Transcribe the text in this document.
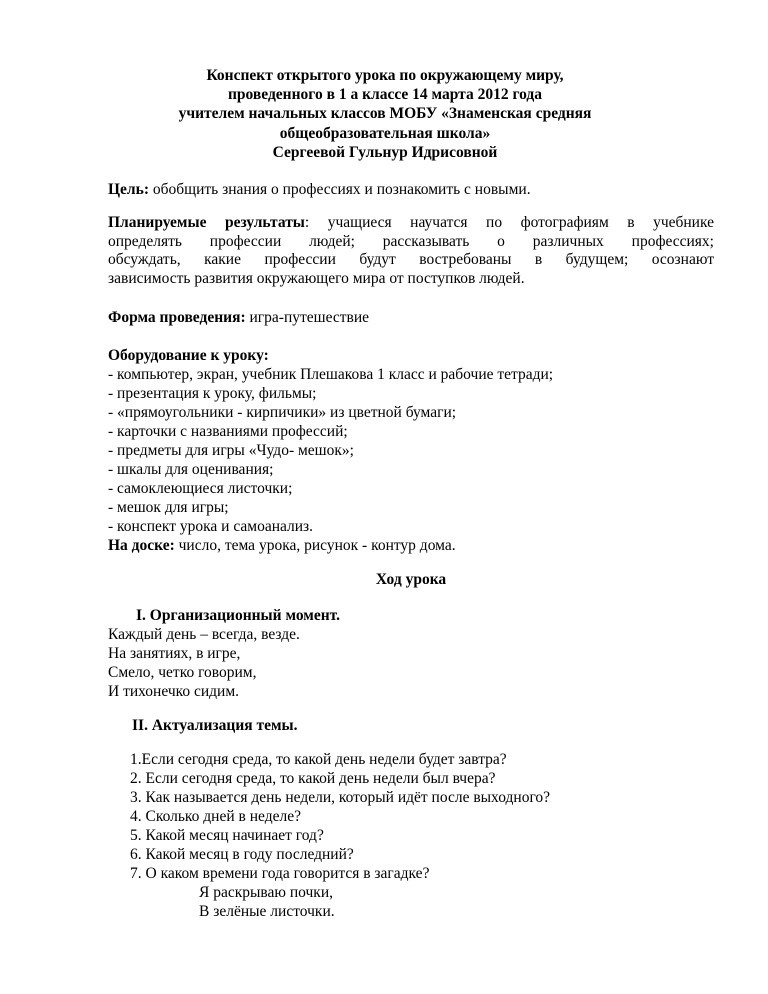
Конспект открытого урока по окружающему миру,
проведенного в 1 а классе 14 марта 2012 года
учителем начальных классов МОБУ «Знаменская средняя
общеобразовательная школа»
Сергеевой Гульнур Идрисовной
Цель: обобщить знания о профессиях и познакомить с новыми.
Планируемые результаты: учащиеся научатся по фотографиям в учебнике
определять профессии людей; рассказывать о различных профессиях;
обсуждать, какие профессии будут востребованы в будущем; осознают
зависимость развития окружающего мира от поступков людей.
Форма проведения: игра-путешествие
Оборудование к уроку:
- компьютер, экран, учебник Плешакова 1 класс и рабочие тетради;
- презентация к уроку, фильмы;
- «прямоугольники - кирпичики» из цветной бумаги;
- карточки с названиями профессий;
- предметы для игры «Чудо- мешок»;
- шкалы для оценивания;
- самоклеющиеся листочки;
- мешок для игры;
- конспект урока и самоанализ.
На доске: число, тема урока, рисунок - контур дома.
Ход урока
I. Организационный момент.
Каждый день – всегда, везде.
На занятиях, в игре,
Смело, четко говорим,
И тихонечко сидим.
II. Актуализация темы.
1.Если сегодня среда, то какой день недели будет завтра?
2. Если сегодня среда, то какой день недели был вчера?
3. Как называется день недели, который идёт после выходного?
4. Сколько дней в неделе?
5. Какой месяц начинает год?
6. Какой месяц в году последний?
7. О каком времени года говорится в загадке?
Я раскрываю почки,
В зелёные листочки.
